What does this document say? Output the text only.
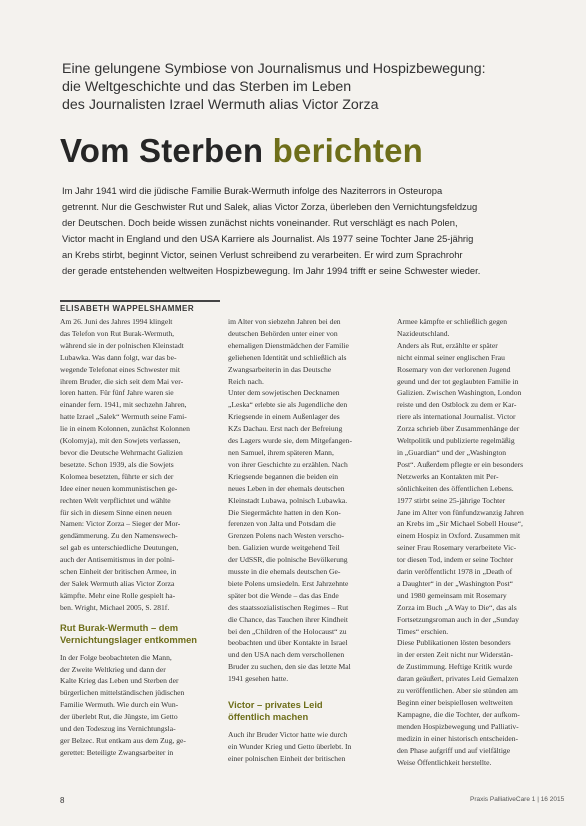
Eine gelungene Symbiose von Journalismus und Hospizbewegung:
die Weltgeschichte und das Sterben im Leben
des Journalisten Izrael Wermuth alias Victor Zorza
Vom Sterben berichten
Im Jahr 1941 wird die jüdische Familie Burak-Wermuth infolge des Naziterrors in Osteuropa
getrennt. Nur die Geschwister Rut und Salek, alias Victor Zorza, überleben den Vernichtungsfeldzug
der Deutschen. Doch beide wissen zunächst nichts voneinander. Rut verschlägt es nach Polen,
Victor macht in England und den USA Karriere als Journalist. Als 1977 seine Tochter Jane 25-jährig
an Krebs stirbt, beginnt Victor, seinen Verlust schreibend zu verarbeiten. Er wird zum Sprachrohr
der gerade entstehenden weltweiten Hospizbewegung. Im Jahr 1994 trifft er seine Schwester wieder.
ELISABETH WAPPELSHAMMER
Am 26. Juni des Jahres 1994 klingelt
das Telefon von Rut Burak-Wermuth,
während sie in der polnischen Kleinstadt
Lubawka. Was dann folgt, war das be-
wegende Telefonat eines Schwester mit
ihrem Bruder, die sich seit dem Mai ver-
loren hatten. Für fünf Jahre waren sie
einander fern. 1941, mit sechzehn Jahren,
hatte Izrael „Salek“ Wermuth seine Fami-
lie in einem Kolonnen, zunächst Kolonnen
(Kolomyja), mit den Sowjets verlassen,
bevor die Deutsche Wehrmacht Galizien
besetzte. Schon 1939, als die Sowjets
Kolomea besetzten, führte er sich der
Idee einer neuen kommunistischen ge-
rechten Welt verpflichtet und wählte
für sich in diesem Sinne einen neuen
Namen: Victor Zorza – Sieger der Mor-
gendämmerung. Zu den Namenswech-
sel gab es unterschiedliche Deutungen,
auch der Antisemitismus in der polni-
schen Einheit der britischen Armee, in
der Salek Wermuth alias Victor Zorza
kämpfte. Mehr eine Rolle gespielt ha-
ben. Wright, Michael 2005, S. 281f.
Rut Burak-Wermuth – dem
Vernichtungslager entkommen
In der Folge beobachteten die Mann,
der Zweite Weltkrieg und dann der
Kalte Krieg das Leben und Sterben der
bürgerlichen mittelständischen jüdischen
Familie Wermuth. Wie durch ein Wun-
der überlebt Rut, die Jüngste, im Getto
und den Todeszug ins Vernichtungsla-
ger Belzec. Rut entkam aus dem Zug, ge-
gerettet: Beteiligte Zwangsarbeiter in
im Alter von siebzehn Jahren bei den
deutschen Behörden unter einer von
ehemaligen Dienstmädchen der Familie
geliehenen Identität und schließlich als
Zwangsarbeiterin in das Deutsche
Reich nach.
Unter dem sowjetischen Decknamen
„Leska“ erlebte sie als Jugendliche den
Kriegsende in einem Außenlager des
KZs Dachau. Erst nach der Befreiung
des Lagers wurde sie, dem Mitgefangen-
nen Samuel, ihrem späteren Mann,
von ihrer Geschichte zu erzählen. Nach
Kriegsende begannen die beiden ein
neues Leben in der ehemals deutschen
Kleinstadt Lubawa, polnisch Lubawka.
Die Siegermächte hatten in den Kon-
ferenzen von Jalta und Potsdam die
Grenzen Polens nach Westen verscho-
ben. Galizien wurde weitgehend Teil
der UdSSR, die polnische Bevölkerung
musste in die ehemals deutschen Ge-
biete Polens umsiedeln. Erst Jahrzehnte
später bot die Wende – das das Ende
des staatssozialistischen Regimes – Rut
die Chance, das Tauchen ihrer Kindheit
bei den „Children of the Holocaust“ zu
beobachten und über Kontakte in Israel
und den USA nach dem verschollenen
Bruder zu suchen, den sie das letzte Mal
1941 gesehen hatte.
Victor – privates Leid
öffentlich machen
Auch ihr Bruder Victor hatte wie durch
ein Wunder Krieg und Getto überlebt. In
einer polnischen Einheit der britischen
Armee kämpfte er schließlich gegen
Nazideutschland.
Anders als Rut, erzählte er später
nicht einmal seiner englischen Frau
Rosemary von der verlorenen Jugend
geund und der tot geglaubten Familie in
Galizien. Zwischen Washington, London
reiste und den Ostblock zu dem er Kar-
riere als international Journalist. Victor
Zorza schrieb über Zusammenhänge der
Weltpolitik und publizierte regelmäßig
in „Guardian“ und der „Washington
Post“. Außerdem pflegte er ein besonders
Netzwerks an Kontakten mit Per-
sönlichkeiten des öffentlichen Lebens.
1977 stirbt seine 25-jährige Tochter
Jane im Alter von fünfundzwanzig Jahren
an Krebs im „Sir Michael Sobell House“,
einem Hospiz in Oxford. Zusammen mit
seiner Frau Rosemary verarbeitete Vic-
tor diesen Tod, indem er seine Tochter
darin veröffentlicht 1978 in „Death of
a Daughter“ in der „Washington Post“
und 1980 gemeinsam mit Rosemary
Zorza im Buch „A Way to Die“, das als
Fortsetzungsroman auch in der „Sunday
Times“ erschien.
Diese Publikationen lösten besonders
in der ersten Zeit nicht nur Widerstän-
de Zustimmung. Heftige Kritik wurde
daran geäußert, privates Leid Gemalzen
zu veröffentlichen. Aber sie stünden am
Beginn einer beispiellosen weltweiten
Kampagne, die die Tochter, der aufkom-
menden Hospizbewegung und Palliativ-
medizin in einer historisch entscheiden-
den Phase aufgriff und auf vielfältige
Weise Öffentlichkeit herstellte.
8	Praxis PalliativeCare 1 | 16 2015
